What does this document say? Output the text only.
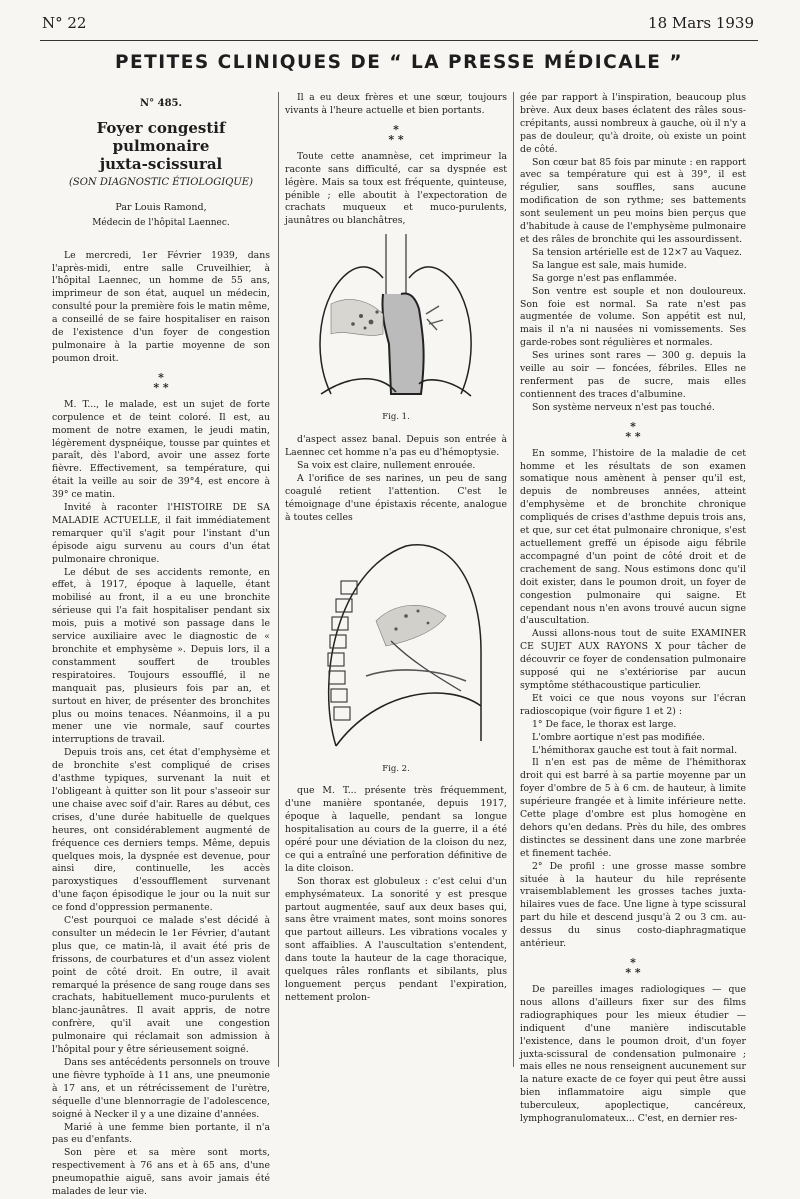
N° 22	18 Mars 1939
PETITES CLINIQUES DE “ LA PRESSE MÉDICALE ”
N° 485.
Foyer congestif pulmonaire
juxta-scissural
(SON DIAGNOSTIC ÉTIOLOGIQUE)
Par Louis Ramond,
Médecin de l'hôpital Laennec.

Le mercredi, 1er Février 1939, dans l'après-midi, entre salle Cruveilhier, à l'hôpital Laennec, un homme de 55 ans, imprimeur de son état, auquel un médecin, consulté pour la première fois le matin même, a conseillé de se faire hospitaliser en raison de l'existence d'un foyer de congestion pulmonaire à la partie moyenne de son poumon droit.

*
* *

M. T..., le malade, est un sujet de forte corpulence et de teint coloré. Il est, au moment de notre examen, le jeudi matin, légèrement dyspnéique, tousse par quintes et paraît, dès l'abord, avoir une assez forte fièvre. Effectivement, sa température, qui était la veille au soir de 39°4, est encore à 39° ce matin.

Invité à raconter l'HISTOIRE DE SA MALADIE ACTUELLE, il fait immédiatement remarquer qu'il s'agit pour l'instant d'un épisode aigu survenu au cours d'un état pulmonaire chronique.

Le début de ses accidents remonte, en effet, à 1917, époque à laquelle, étant mobilisé au front, il a eu une bronchite sérieuse qui l'a fait hospitaliser pendant six mois, puis a motivé son passage dans le service auxiliaire avec le diagnostic de « bronchite et emphysème ». Depuis lors, il a constamment souffert de troubles respiratoires. Toujours essoufflé, il ne manquait pas, plusieurs fois par an, et surtout en hiver, de présenter des bronchites plus ou moins tenaces. Néanmoins, il a pu mener une vie normale, sauf courtes interruptions de travail.

Depuis trois ans, cet état d'emphysème et de bronchite s'est compliqué de crises d'asthme typiques, survenant la nuit et l'obligeant à quitter son lit pour s'asseoir sur une chaise avec soif d'air. Rares au début, ces crises, d'une durée habituelle de quelques heures, ont considérablement augmenté de fréquence ces derniers temps. Même, depuis quelques mois, la dyspnée est devenue, pour ainsi dire, continuelle, les accès paroxystiques d'essoufflement survenant d'une façon épisodique le jour ou la nuit sur ce fond d'oppression permanente.

C'est pourquoi ce malade s'est décidé à consulter un médecin le 1er Février, d'autant plus que, ce matin-là, il avait été pris de frissons, de courbatures et d'un assez violent point de côté droit. En outre, il avait remarqué la présence de sang rouge dans ses crachats, habituellement muco-purulents et blanc-jaunâtres. Il avait appris, de notre confrère, qu'il avait une congestion pulmonaire qui réclamait son admission à l'hôpital pour y être sérieusement soigné.

Dans ses antécédents personnels on trouve une fièvre typhoïde à 11 ans, une pneumonie à 17 ans, et un rétrécissement de l'urètre, séquelle d'une blennorragie de l'adolescence, soigné à Necker il y a une dizaine d'années.

Marié à une femme bien portante, il n'a pas eu d'enfants.

Son père et sa mère sont morts, respectivement à 76 ans et à 65 ans, d'une pneumopathie aiguë, sans avoir jamais été malades de leur vie.

Il a eu deux frères et une sœur, toujours vivants à l'heure actuelle et bien portants.

*
* *

Toute cette anamnèse, cet imprimeur la raconte sans difficulté, car sa dyspnée est légère. Mais sa toux est fréquente, quinteuse, pénible ; elle aboutit à l'expectoration de crachats muqueux et muco-purulents, jaunâtres ou blanchâtres,

Fig. 1.

d'aspect assez banal. Depuis son entrée à Laennec cet homme n'a pas eu d'hémoptysie.

Sa voix est claire, nullement enrouée.

A l'orifice de ses narines, un peu de sang coagulé retient l'attention. C'est le témoignage d'une épistaxis récente, analogue à toutes celles

Fig. 2.

que M. T... présente très fréquemment, d'une manière spontanée, depuis 1917, époque à laquelle, pendant sa longue hospitalisation au cours de la guerre, il a été opéré pour une déviation de la cloison du nez, ce qui a entraîné une perforation définitive de la dite cloison.

Son thorax est globuleux : c'est celui d'un emphysémateux. La sonorité y est presque partout augmentée, sauf aux deux bases qui, sans être vraiment mates, sont moins sonores que partout ailleurs. Les vibrations vocales y sont affaiblies. A l'auscultation s'entendent, dans toute la hauteur de la cage thoracique, quelques râles ronflants et sibilants, plus longuement perçus pendant l'expiration, nettement prolon-

gée par rapport à l'inspiration, beaucoup plus brève. Aux deux bases éclatent des râles sous-crépitants, aussi nombreux à gauche, où il n'y a pas de douleur, qu'à droite, où existe un point de côté.

Son cœur bat 85 fois par minute : en rapport avec sa température qui est à 39°, il est régulier, sans souffles, sans aucune modification de son rythme; ses battements sont seulement un peu moins bien perçus que d'habitude à cause de l'emphysème pulmonaire et des râles de bronchite qui les assourdissent.

Sa tension artérielle est de 12×7 au Vaquez.

Sa langue est sale, mais humide.

Sa gorge n'est pas enflammée.

Son ventre est souple et non douloureux. Son foie est normal. Sa rate n'est pas augmentée de volume. Son appétit est nul, mais il n'a ni nausées ni vomissements. Ses garde-robes sont régulières et normales.

Ses urines sont rares — 300 g. depuis la veille au soir — foncées, fébriles. Elles ne renferment pas de sucre, mais elles contiennent des traces d'albumine.

Son système nerveux n'est pas touché.

*
* *

En somme, l'histoire de la maladie de cet homme et les résultats de son examen somatique nous amènent à penser qu'il est, depuis de nombreuses années, atteint d'emphysème et de bronchite chronique compliqués de crises d'asthme depuis trois ans, et que, sur cet état pulmonaire chronique, s'est actuellement greffé un épisode aigu fébrile accompagné d'un point de côté droit et de crachement de sang. Nous estimons donc qu'il doit exister, dans le poumon droit, un foyer de congestion pulmonaire qui saigne. Et cependant nous n'en avons trouvé aucun signe d'auscultation.

Aussi allons-nous tout de suite EXAMINER CE SUJET AUX RAYONS X pour tâcher de découvrir ce foyer de condensation pulmonaire supposé qui ne s'extériorise par aucun symptôme stéthacoustique particulier.

Et voici ce que nous voyons sur l'écran radioscopique (voir figure 1 et 2) :

1° De face, le thorax est large.

L'ombre aortique n'est pas modifiée.

L'hémithorax gauche est tout à fait normal.

Il n'en est pas de même de l'hémithorax droit qui est barré à sa partie moyenne par un foyer d'ombre de 5 à 6 cm. de hauteur, à limite supérieure frangée et à limite inférieure nette. Cette plage d'ombre est plus homogène en dehors qu'en dedans. Près du hile, des ombres distinctes se dessinent dans une zone marbrée et finement tachée.

2° De profil : une grosse masse sombre située à la hauteur du hile représente vraisemblablement les grosses taches juxta-hilaires vues de face. Une ligne à type scissural part du hile et descend jusqu'à 2 ou 3 cm. au-dessus du sinus costo-diaphragmatique antérieur.

*
* *

De pareilles images radiologiques — que nous allons d'ailleurs fixer sur des films radiographiques pour les mieux étudier — indiquent d'une manière indiscutable l'existence, dans le poumon droit, d'un foyer juxta-scissural de condensation pulmonaire ; mais elles ne nous renseignent aucunement sur la nature exacte de ce foyer qui peut être aussi bien inflammatoire aigu simple que tuberculeux, apoplectique, cancéreux, lymphogranulomateux... C'est, en dernier res-
